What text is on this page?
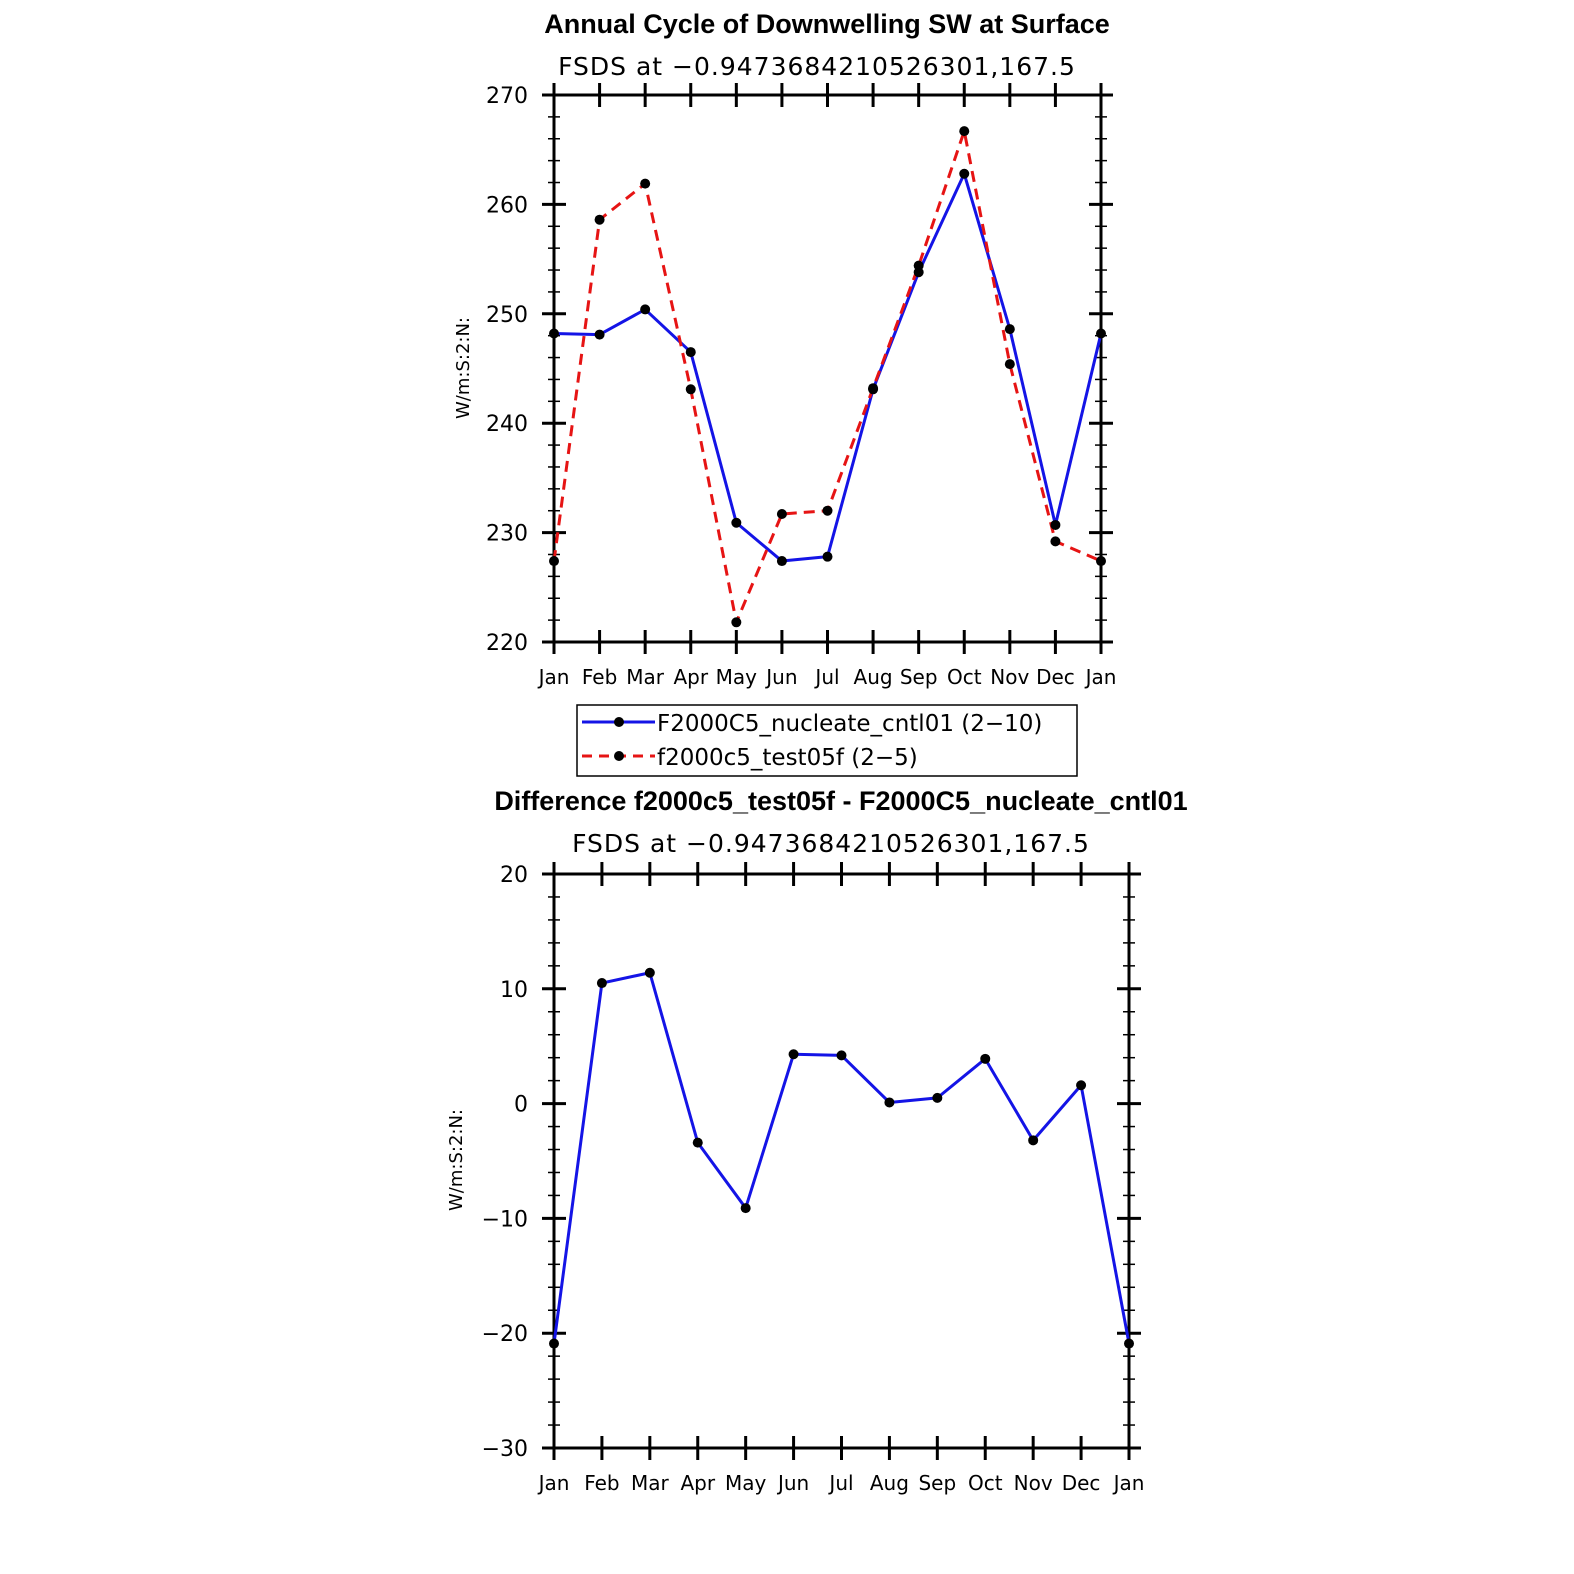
Annual Cycle of Downwelling SW at Surface
FSDS at −0.9473684210526301,167.5
W/m:S:2:N:
220
230
240
250
260
270
Jan Feb Mar Apr May Jun Jul Aug Sep Oct Nov Dec Jan
F2000C5_nucleate_cntl01 (2−10)
f2000c5_test05f (2−5)
Difference f2000c5_test05f - F2000C5_nucleate_cntl01
FSDS at −0.9473684210526301,167.5
W/m:S:2:N:
−30
−20
−10
0
10
20
Jan Feb Mar Apr May Jun Jul Aug Sep Oct Nov Dec Jan
